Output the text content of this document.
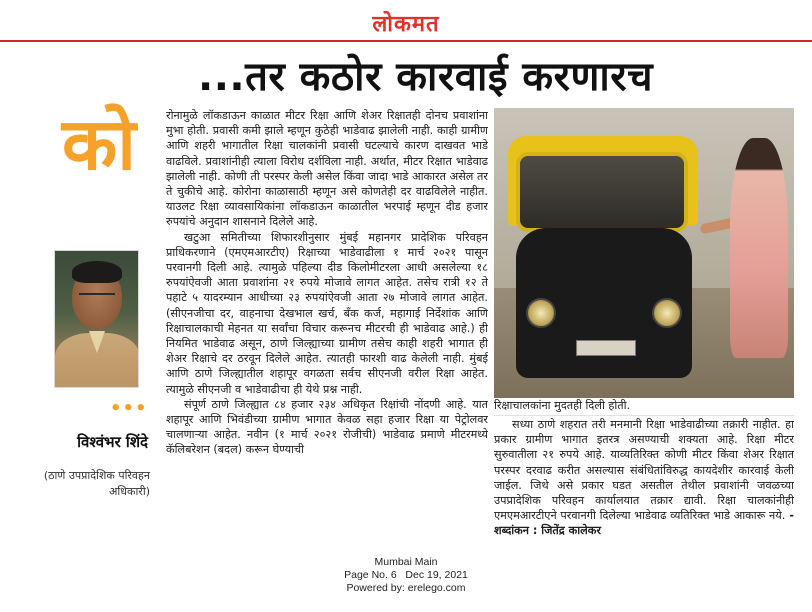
लोकमत
...तर कठोर कारवाई करणारच
को
•••
विश्वंभर शिंदे
(ठाणे उपप्रादेशिक परिवहन अधिकारी)

रोनामुळे लॉकडाऊन काळात मीटर रिक्षा आणि शेअर रिक्षातही दोनच प्रवाशांना मुभा होती. प्रवासी कमी झाले म्हणून कुठेही भाडेवाढ झालेली नाही. काही ग्रामीण आणि शहरी भागातील रिक्षा चालकांनी प्रवासी घटल्याचे कारण दाखवत भाडे वाढविले. प्रवाशांनीही त्याला विरोध दर्शविला नाही. अर्थात, मीटर रिक्षात भाडेवाढ झालेली नाही. कोणी ती परस्पर केली असेल किंवा जादा भाडे आकारत असेल तर ते चुकीचे आहे. कोरोना काळासाठी म्हणून असे कोणतेही दर वाढविलेले नाहीत. याउलट रिक्षा व्यावसायिकांना लॉकडाऊन काळातील भरपाई म्हणून दीड हजार रुपयांचे अनुदान शासनाने दिलेले आहे.

खटुआ समितीच्या शिफारशीनुसार मुंबई महानगर प्रादेशिक परिवहन प्राधिकरणाने (एमएमआरटीए) रिक्षाच्या भाडेवाढीला १ मार्च २०२१ पासून परवानगी दिली आहे. त्यामुळे पहिल्या दीड किलोमीटरला आधी असलेल्या १८ रुपयांऐवजी आता प्रवाशांना २१ रुपये मोजावे लागत आहेत. तसेच रात्री १२ ते पहाटे ५ यादरम्यान आधीच्या २३ रुपयांऐवजी आता २७ मोजावे लागत आहेत. (सीएनजीचा दर, वाहनाचा देखभाल खर्च, बँक कर्ज, महागाई निर्देशांक आणि रिक्षाचालकाची मेहनत या सर्वांचा विचार करूनच मीटरची ही भाडेवाढ आहे.) ही नियमित भाडेवाढ असून, ठाणे जिल्ह्याच्या ग्रामीण तसेच काही शहरी भागात ही शेअर रिक्षाचे दर ठरवून दिलेले आहेत. त्यातही फारशी वाढ केलेली नाही. मुंबई आणि ठाणे जिल्ह्यातील शहापूर वगळता सर्वच सीएनजी वरील रिक्षा आहेत. त्यामुळे सीएनजी व भाडेवाढीचा ही येथे प्रश्न नाही.

संपूर्ण ठाणे जिल्ह्यात ८४ हजार २३४ अधिकृत रिक्षांची नोंदणी आहे. यात शहापूर आणि भिवंडीच्या ग्रामीण भागात केवळ सहा हजार रिक्षा या पेट्रोलवर चालणाऱ्या आहेत. नवीन (१ मार्च २०२१ रोजीची) भाडेवाढ प्रमाणे मीटरमध्ये कॅलिबरेशन (बदल) करून घेण्याची

रिक्षाचालकांना मुदतही दिली होती.

सध्या ठाणे शहरात तरी मनमानी रिक्षा भाडेवाढीच्या तक्रारी नाहीत. हा प्रकार ग्रामीण भागात इतरत्र असण्याची शक्यता आहे. रिक्षा मीटर सुरुवातीला २१ रुपये आहे. याव्यतिरिक्त कोणी मीटर किंवा शेअर रिक्षात परस्पर दरवाढ करीत असल्यास संबंधितांविरुद्ध कायदेशीर कारवाई केली जाईल. जिथे असे प्रकार घडत असतील तेथील प्रवाशांनी जवळच्या उपप्रादेशिक परिवहन कार्यालयात तक्रार द्यावी. रिक्षा चालकांनीही एमएमआरटीएने परवानगी दिलेल्या भाडेवाढ व्यतिरिक्त भाडे आकारू नये. - शब्दांकन : जितेंद्र कालेकर

Mumbai Main
Page No. 6   Dec 19, 2021
Powered by: erelego.com
